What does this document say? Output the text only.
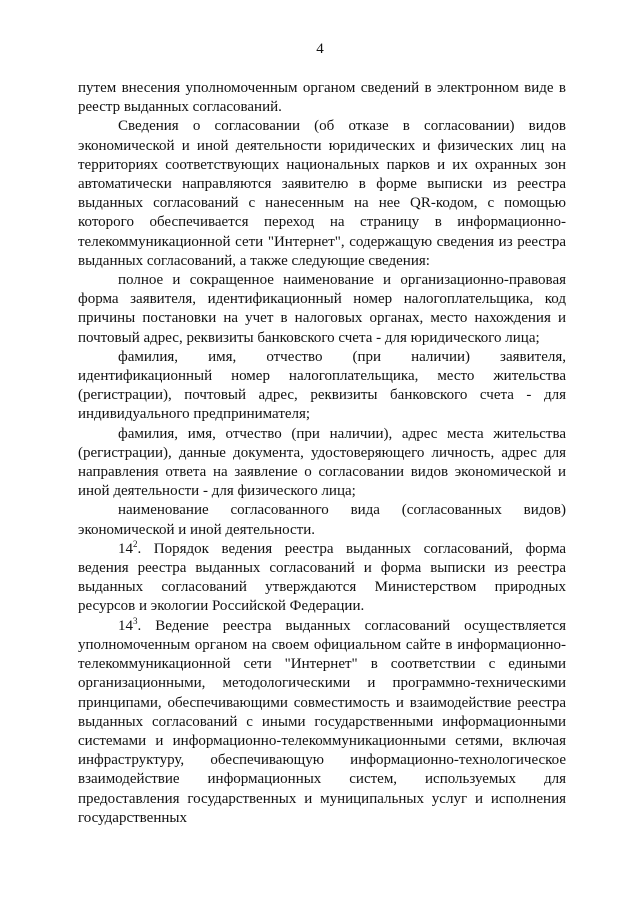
4

путем внесения уполномоченным органом сведений в электронном виде в реестр выданных согласований.

Сведения о согласовании (об отказе в согласовании) видов экономической и иной деятельности юридических и физических лиц на территориях соответствующих национальных парков и их охранных зон автоматически направляются заявителю в форме выписки из реестра выданных согласований с нанесенным на нее QR-кодом, с помощью которого обеспечивается переход на страницу в информационно-телекоммуникационной сети "Интернет", содержащую сведения из реестра выданных согласований, а также следующие сведения:

полное и сокращенное наименование и организационно-правовая форма заявителя, идентификационный номер налогоплательщика, код причины постановки на учет в налоговых органах, место нахождения и почтовый адрес, реквизиты банковского счета - для юридического лица;

фамилия, имя, отчество (при наличии) заявителя, идентификационный номер налогоплательщика, место жительства (регистрации), почтовый адрес, реквизиты банковского счета - для индивидуального предпринимателя;

фамилия, имя, отчество (при наличии), адрес места жительства (регистрации), данные документа, удостоверяющего личность, адрес для направления ответа на заявление о согласовании видов экономической и иной деятельности - для физического лица;

наименование согласованного вида (согласованных видов) экономической и иной деятельности.

$14^2$. Порядок ведения реестра выданных согласований, форма ведения реестра выданных согласований и форма выписки из реестра выданных согласований утверждаются Министерством природных ресурсов и экологии Российской Федерации.

$14^3$. Ведение реестра выданных согласований осуществляется уполномоченным органом на своем официальном сайте в информационно-телекоммуникационной сети "Интернет" в соответствии с едиными организационными, методологическими и программно-техническими принципами, обеспечивающими совместимость и взаимодействие реестра выданных согласований с иными государственными информационными системами и информационно-телекоммуникационными сетями, включая инфраструктуру, обеспечивающую информационно-технологическое взаимодействие информационных систем, используемых для предоставления государственных и муниципальных услуг и исполнения государственных
